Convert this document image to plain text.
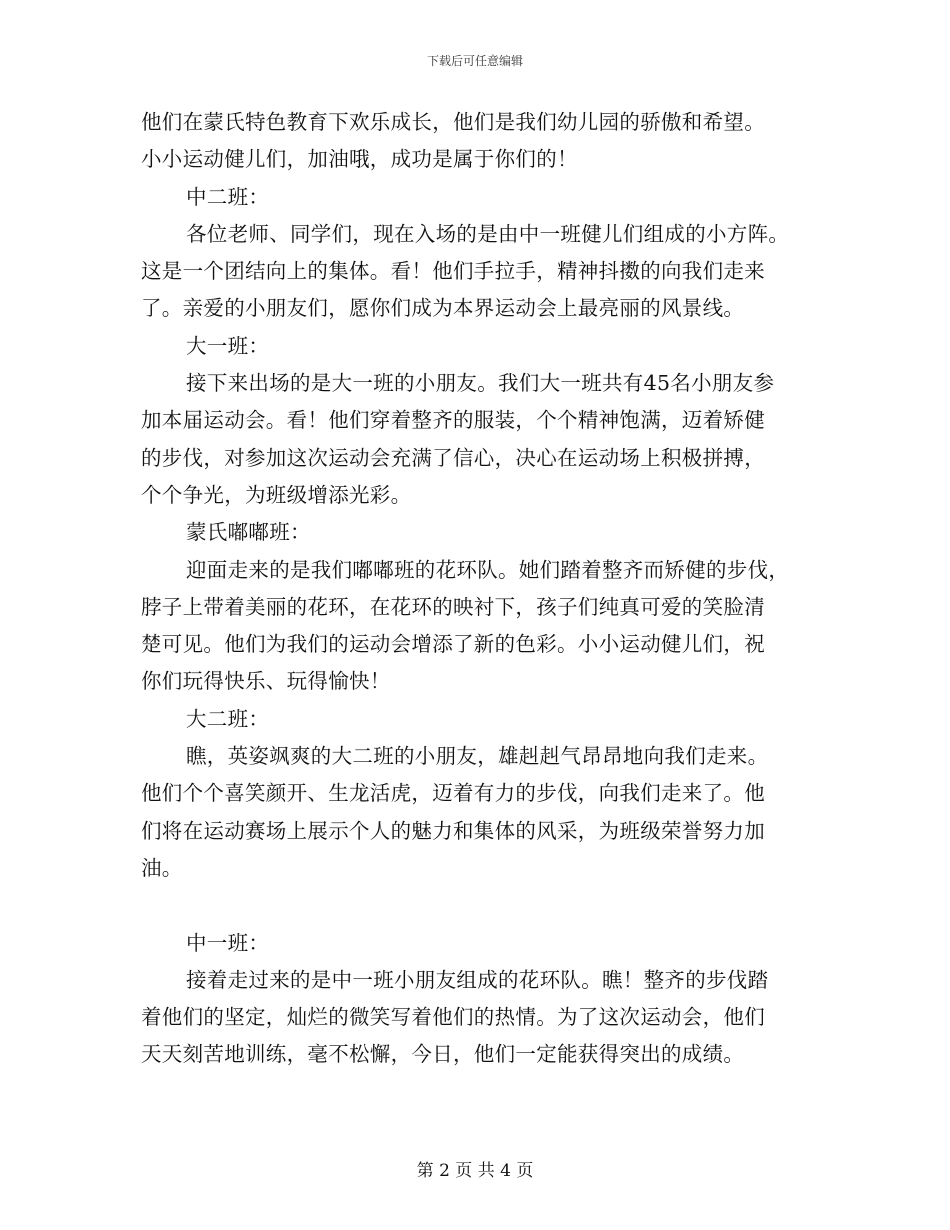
下载后可任意编辑
他们在蒙氏特色教育下欢乐成长，他们是我们幼儿园的骄傲和希望。
小小运动健儿们，加油哦，成功是属于你们的！
中二班：
各位老师、同学们，现在入场的是由中一班健儿们组成的小方阵。
这是一个团结向上的集体。看！他们手拉手，精神抖擞的向我们走来
了。亲爱的小朋友们，愿你们成为本界运动会上最亮丽的风景线。
大一班：
接下来出场的是大一班的小朋友。我们大一班共有45名小朋友参
加本届运动会。看！他们穿着整齐的服装，个个精神饱满，迈着矫健
的步伐，对参加这次运动会充满了信心，决心在运动场上积极拼搏，
个个争光，为班级增添光彩。
蒙氏嘟嘟班：
迎面走来的是我们嘟嘟班的花环队。她们踏着整齐而矫健的步伐，
脖子上带着美丽的花环，在花环的映衬下，孩子们纯真可爱的笑脸清
楚可见。他们为我们的运动会增添了新的色彩。小小运动健儿们，祝
你们玩得快乐、玩得愉快！
大二班：
瞧，英姿飒爽的大二班的小朋友，雄赳赳气昂昂地向我们走来。
他们个个喜笑颜开、生龙活虎，迈着有力的步伐，向我们走来了。他
们将在运动赛场上展示个人的魅力和集体的风采，为班级荣誉努力加
油。
中一班：
接着走过来的是中一班小朋友组成的花环队。瞧！整齐的步伐踏
着他们的坚定，灿烂的微笑写着他们的热情。为了这次运动会，他们
天天刻苦地训练，毫不松懈，今日，他们一定能获得突出的成绩。
第 2 页 共 4 页
